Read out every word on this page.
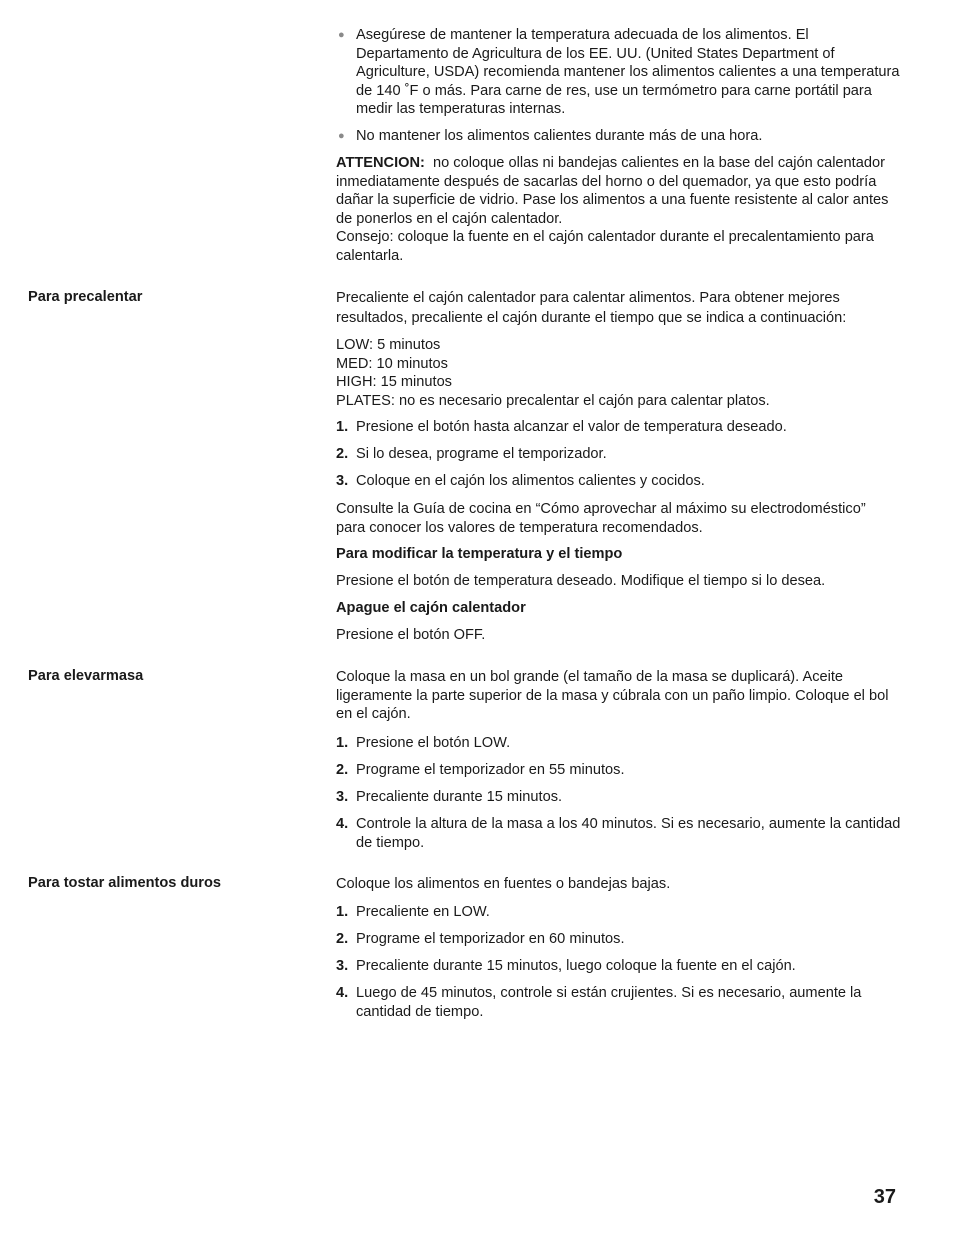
● Asegúrese de mantener la temperatura adecuada de los alimentos. El Departamento de Agricultura de los EE. UU. (United States Department of Agriculture, USDA) recomienda mantener los alimentos calientes a una temperatura de 140 ˚F o más. Para carne de res, use un termómetro para carne portátil para medir las temperaturas internas.

● No mantener los alimentos calientes durante más de una hora.

ATTENCION: no coloque ollas ni bandejas calientes en la base del cajón calentador inmediatamente después de sacarlas del horno o del quemador, ya que esto podría dañar la superficie de vidrio. Pase los alimentos a una fuente resistente al calor antes de ponerlos en el cajón calentador.

Consejo: coloque la fuente en el cajón calentador durante el precalentamiento para calentarla.

Para precalentar	Precaliente el cajón calentador para calentar alimentos. Para obtener mejores resultados, precaliente el cajón durante el tiempo que se indica a continuación:

LOW: 5 minutos

MED: 10 minutos

HIGH: 15 minutos

PLATES: no es necesario precalentar el cajón para calentar platos.

1. Presione el botón hasta alcanzar el valor de temperatura deseado.

2. Si lo desea, programe el temporizador.

3. Coloque en el cajón los alimentos calientes y cocidos.

Consulte la Guía de cocina en “Cómo aprovechar al máximo su electrodoméstico” para conocer los valores de temperatura recomendados.

Para modificar la temperatura y el tiempo

Presione el botón de temperatura deseado. Modifique el tiempo si lo desea.

Apague el cajón calentador

Presione el botón OFF.

Para elevarmasa	Coloque la masa en un bol grande (el tamaño de la masa se duplicará). Aceite ligeramente la parte superior de la masa y cúbrala con un paño limpio. Coloque el bol en el cajón.

1. Presione el botón LOW.

2. Programe el temporizador en 55 minutos.

3. Precaliente durante 15 minutos.

4. Controle la altura de la masa a los 40 minutos. Si es necesario, aumente la cantidad de tiempo.

Para tostar alimentos duros	Coloque los alimentos en fuentes o bandejas bajas.

1. Precaliente en LOW.

2. Programe el temporizador en 60 minutos.

3. Precaliente durante 15 minutos, luego coloque la fuente en el cajón.

4. Luego de 45 minutos, controle si están crujientes. Si es necesario, aumente la cantidad de tiempo.

37
